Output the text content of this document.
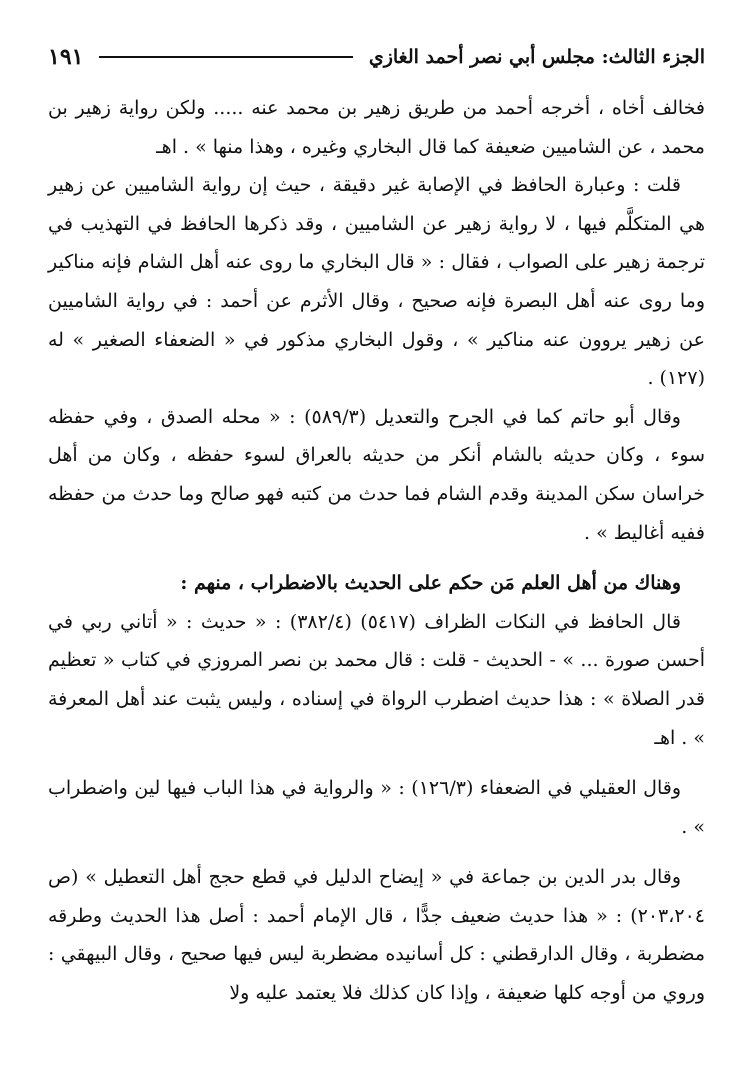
الجزء الثالث: مجلس أبي نصر أحمد الغازي
١٩١

فخالف أخاه ، أخرجه أحمد من طريق زهير بن محمد عنه ..... ولكن رواية زهير بن محمد ، عن الشاميين ضعيفة كما قال البخاري وغيره ، وهذا منها » . اهـ

قلت : وعبارة الحافظ في الإصابة غير دقيقة ، حيث إن رواية الشاميين عن زهير هي المتكلَّم فيها ، لا رواية زهير عن الشاميين ، وقد ذكرها الحافظ في التهذيب في ترجمة زهير على الصواب ، فقال : « قال البخاري ما روى عنه أهل الشام فإنه مناكير وما روى عنه أهل البصرة فإنه صحيح ، وقال الأثرم عن أحمد : في رواية الشاميين عن زهير يروون عنه مناكير » ، وقول البخاري مذكور في « الضعفاء الصغير » له (١٢٧) .

وقال أبو حاتم كما في الجرح والتعديل (٥٨٩/٣) : « محله الصدق ، وفي حفظه سوء ، وكان حديثه بالشام أنكر من حديثه بالعراق لسوء حفظه ، وكان من أهل خراسان سكن المدينة وقدم الشام فما حدث من كتبه فهو صالح وما حدث من حفظه ففيه أغاليط » .

وهناك من أهل العلم مَن حكم على الحديث بالاضطراب ، منهم :

قال الحافظ في النكات الظراف (٥٤١٧) (٣٨٢/٤) : « حديث : « أتاني ربي في أحسن صورة ... » - الحديث - قلت : قال محمد بن نصر المروزي في كتاب « تعظيم قدر الصلاة » : هذا حديث اضطرب الرواة في إسناده ، وليس يثبت عند أهل المعرفة » . اهـ

وقال العقيلي في الضعفاء (١٢٦/٣) : « والرواية في هذا الباب فيها لين واضطراب » .

وقال بدر الدين بن جماعة في « إيضاح الدليل في قطع حجج أهل التعطيل » (ص ٢٠٣،٢٠٤) : « هذا حديث ضعيف جدًّا ، قال الإمام أحمد : أصل هذا الحديث وطرقه مضطربة ، وقال الدارقطني : كل أسانيده مضطربة ليس فيها صحيح ، وقال البيهقي : وروي من أوجه كلها ضعيفة ، وإذا كان كذلك فلا يعتمد عليه ولا
